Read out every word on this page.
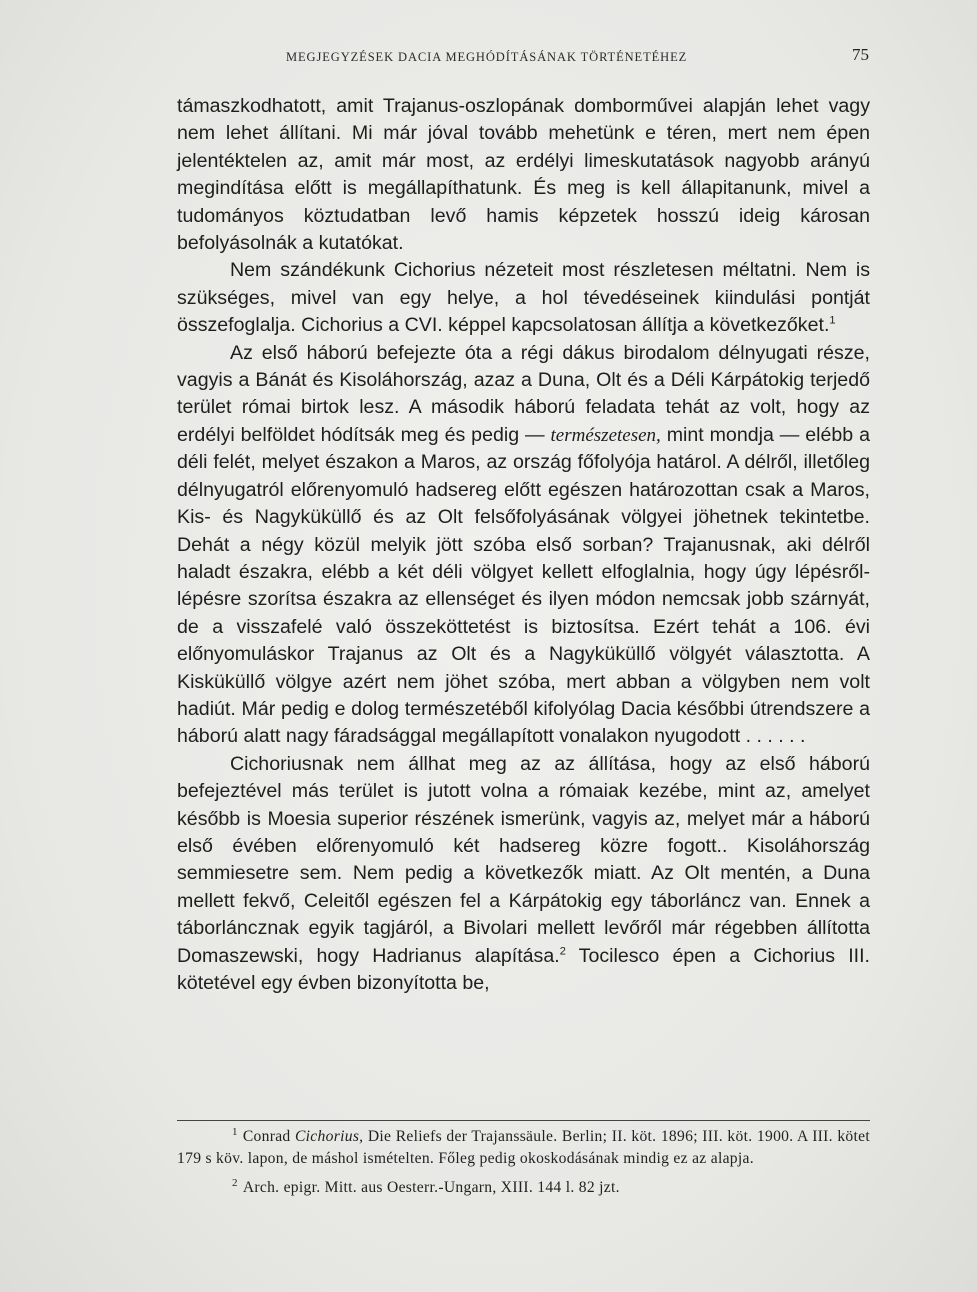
MEGJEGYZÉSEK DACIA MEGHÓDÍTÁSÁNAK TÖRTÉNETÉHEZ	75

támaszkodhatott, amit Trajanus-oszlopának domborművei alapján lehet vagy nem lehet állítani. Mi már jóval tovább mehetünk e téren, mert nem épen jelentéktelen az, amit már most, az erdélyi limeskutatások nagyobb arányú megindítása előtt is megállapíthatunk. És meg is kell állapitanunk, mivel a tudományos köztudatban levő hamis képzetek hosszú ideig károsan befolyásolnák a kutatókat.

Nem szándékunk Cichorius nézeteit most részletesen méltatni. Nem is szükséges, mivel van egy helye, a hol tévedéseinek kiindulási pontját összefoglalja. Cichorius a CVI. képpel kapcsolatosan állítja a következőket.$^1$

Az első háború befejezte óta a régi dákus birodalom délnyugati része, vagyis a Bánát és Kisoláhország, azaz a Duna, Olt és a Déli Kárpátokig terjedő terület római birtok lesz. A második háború feladata tehát az volt, hogy az erdélyi belföldet hódítsák meg és pedig — természetesen, mint mondja — elébb a déli felét, melyet északon a Maros, az ország főfolyója határol. A délről, illetőleg délnyugatról előrenyomuló hadsereg előtt egészen határozottan csak a Maros, Kis- és Nagyküküllő és az Olt felsőfolyásának völgyei jöhetnek tekintetbe. Dehát a négy közül melyik jött szóba első sorban? Trajanusnak, aki délről haladt északra, elébb a két déli völgyet kellett elfoglalnia, hogy úgy lépésről-lépésre szorítsa északra az ellenséget és ilyen módon nemcsak jobb szárnyát, de a visszafelé való összeköttetést is biztosítsa. Ezért tehát a 106. évi előnyomuláskor Trajanus az Olt és a Nagyküküllő völgyét választotta. A Kisküküllő völgye azért nem jöhet szóba, mert abban a völgyben nem volt hadiút. Már pedig e dolog természetéből kifolyólag Dacia későbbi útrendszere a háború alatt nagy fáradsággal megállapított vonalakon nyugodott . . . . . .

Cichoriusnak nem állhat meg az az állítása, hogy az első háború befejeztével más terület is jutott volna a rómaiak kezébe, mint az, amelyet később is Moesia superior részének ismerünk, vagyis az, melyet már a háború első évében előrenyomuló két hadsereg közre fogott.. Kisoláhország semmiesetre sem. Nem pedig a következők miatt. Az Olt mentén, a Duna mellett fekvő, Celeitől egészen fel a Kárpátokig egy táborláncz van. Ennek a táborláncznak egyik tagjáról, a Bivolari mellett levőről már régebben állította Domaszewski, hogy Hadrianus alapítása.$^2$ Tocilesco épen a Cichorius III. kötetével egy évben bizonyította be,

$^1$ Conrad Cichorius, Die Reliefs der Trajanssäule. Berlin; II. köt. 1896; III. köt. 1900. A III. kötet 179 s köv. lapon, de máshol ismételten. Főleg pedig okoskodásának mindig ez az alapja.

$^2$ Arch. epigr. Mitt. aus Oesterr.-Ungarn, XIII. 144 l. 82 jzt.
